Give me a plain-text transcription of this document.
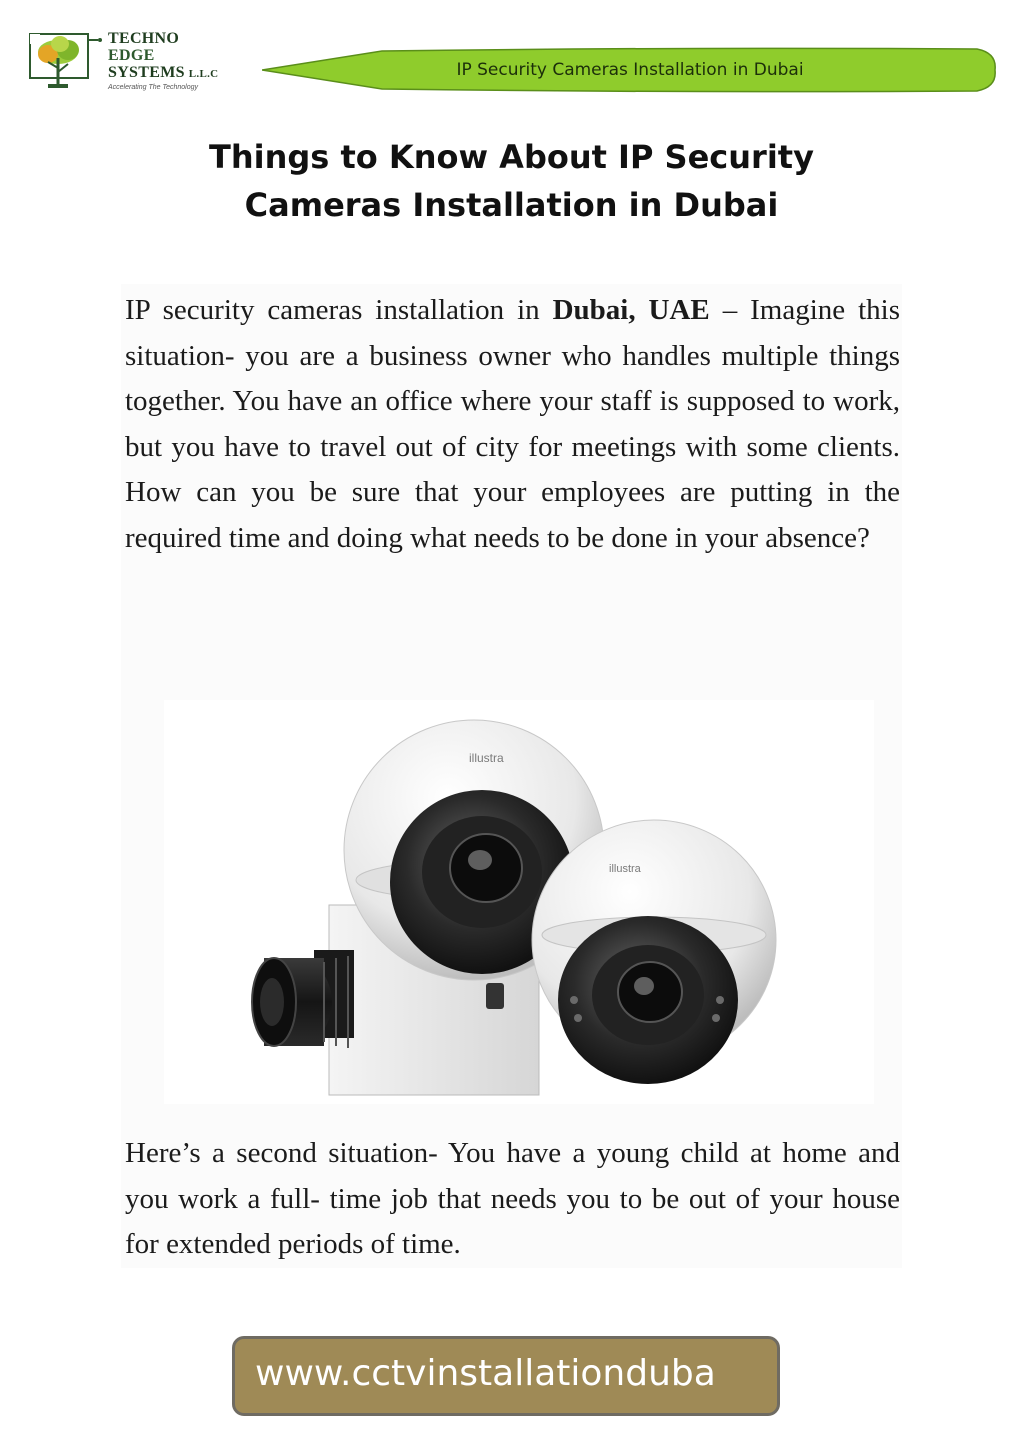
TECHNO
EDGE
SYSTEMS L.L.C
Accelerating The Technology
IP Security Cameras Installation in Dubai
Things to Know About IP Security
Cameras Installation in Dubai

IP security cameras installation in Dubai, UAE – Imagine this situation- you are a business owner who handles multiple things together. You have an office where your staff is supposed to work, but you have to travel out of city for meetings with some clients. How can you be sure that your employees are putting in the required time and doing what needs to be done in your absence?

Here’s a second situation- You have a young child at home and you work a full- time job that needs you to be out of your house for extended periods of time.

illustra
illustra
www.cctvinstallationduba
